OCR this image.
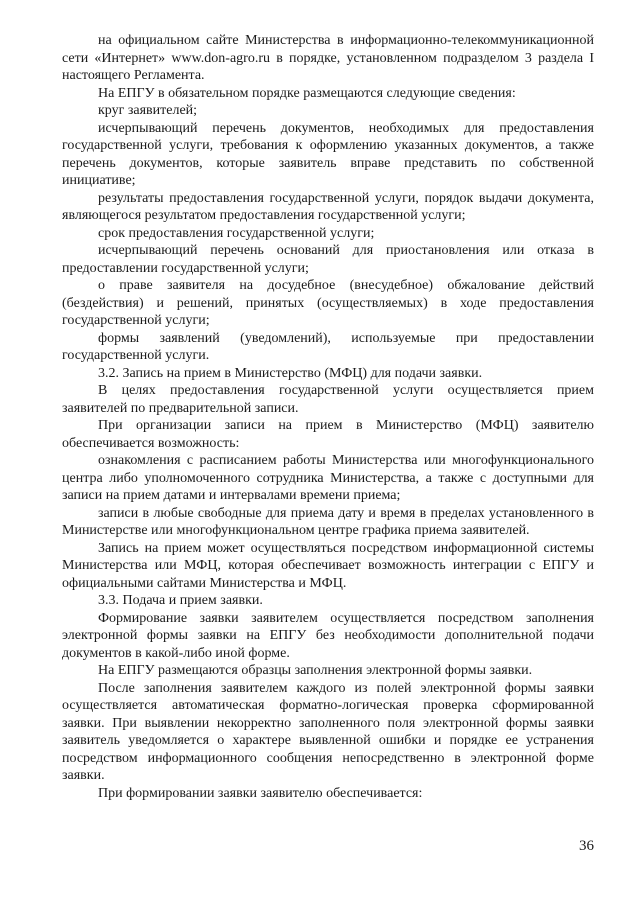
на официальном сайте Министерства в информационно-телекоммуникационной сети «Интернет» www.don-agro.ru в порядке, установленном подразделом 3 раздела I настоящего Регламента.

На ЕПГУ в обязательном порядке размещаются следующие сведения:

круг заявителей;

исчерпывающий перечень документов, необходимых для предоставления государственной услуги, требования к оформлению указанных документов, а также перечень документов, которые заявитель вправе представить по собственной инициативе;

результаты предоставления государственной услуги, порядок выдачи документа, являющегося результатом предоставления государственной услуги;

срок предоставления государственной услуги;

исчерпывающий перечень оснований для приостановления или отказа в предоставлении государственной услуги;

о праве заявителя на досудебное (внесудебное) обжалование действий (бездействия) и решений, принятых (осуществляемых) в ходе предоставления государственной услуги;

формы заявлений (уведомлений), используемые при предоставлении государственной услуги.

3.2. Запись на прием в Министерство (МФЦ) для подачи заявки.

В целях предоставления государственной услуги осуществляется прием заявителей по предварительной записи.

При организации записи на прием в Министерство (МФЦ) заявителю обеспечивается возможность:

ознакомления с расписанием работы Министерства или многофункционального центра либо уполномоченного сотрудника Министерства, а также с доступными для записи на прием датами и интервалами времени приема;

записи в любые свободные для приема дату и время в пределах установленного в Министерстве или многофункциональном центре графика приема заявителей.

Запись на прием может осуществляться посредством информационной системы Министерства или МФЦ, которая обеспечивает возможность интеграции с ЕПГУ и официальными сайтами Министерства и МФЦ.

3.3. Подача и прием заявки.

Формирование заявки заявителем осуществляется посредством заполнения электронной формы заявки на ЕПГУ без необходимости дополнительной подачи документов в какой-либо иной форме.

На ЕПГУ размещаются образцы заполнения электронной формы заявки.

После заполнения заявителем каждого из полей электронной формы заявки осуществляется автоматическая форматно-логическая проверка сформированной заявки. При выявлении некорректно заполненного поля электронной формы заявки заявитель уведомляется о характере выявленной ошибки и порядке ее устранения посредством информационного сообщения непосредственно в электронной форме заявки.

При формировании заявки заявителю обеспечивается:

36
